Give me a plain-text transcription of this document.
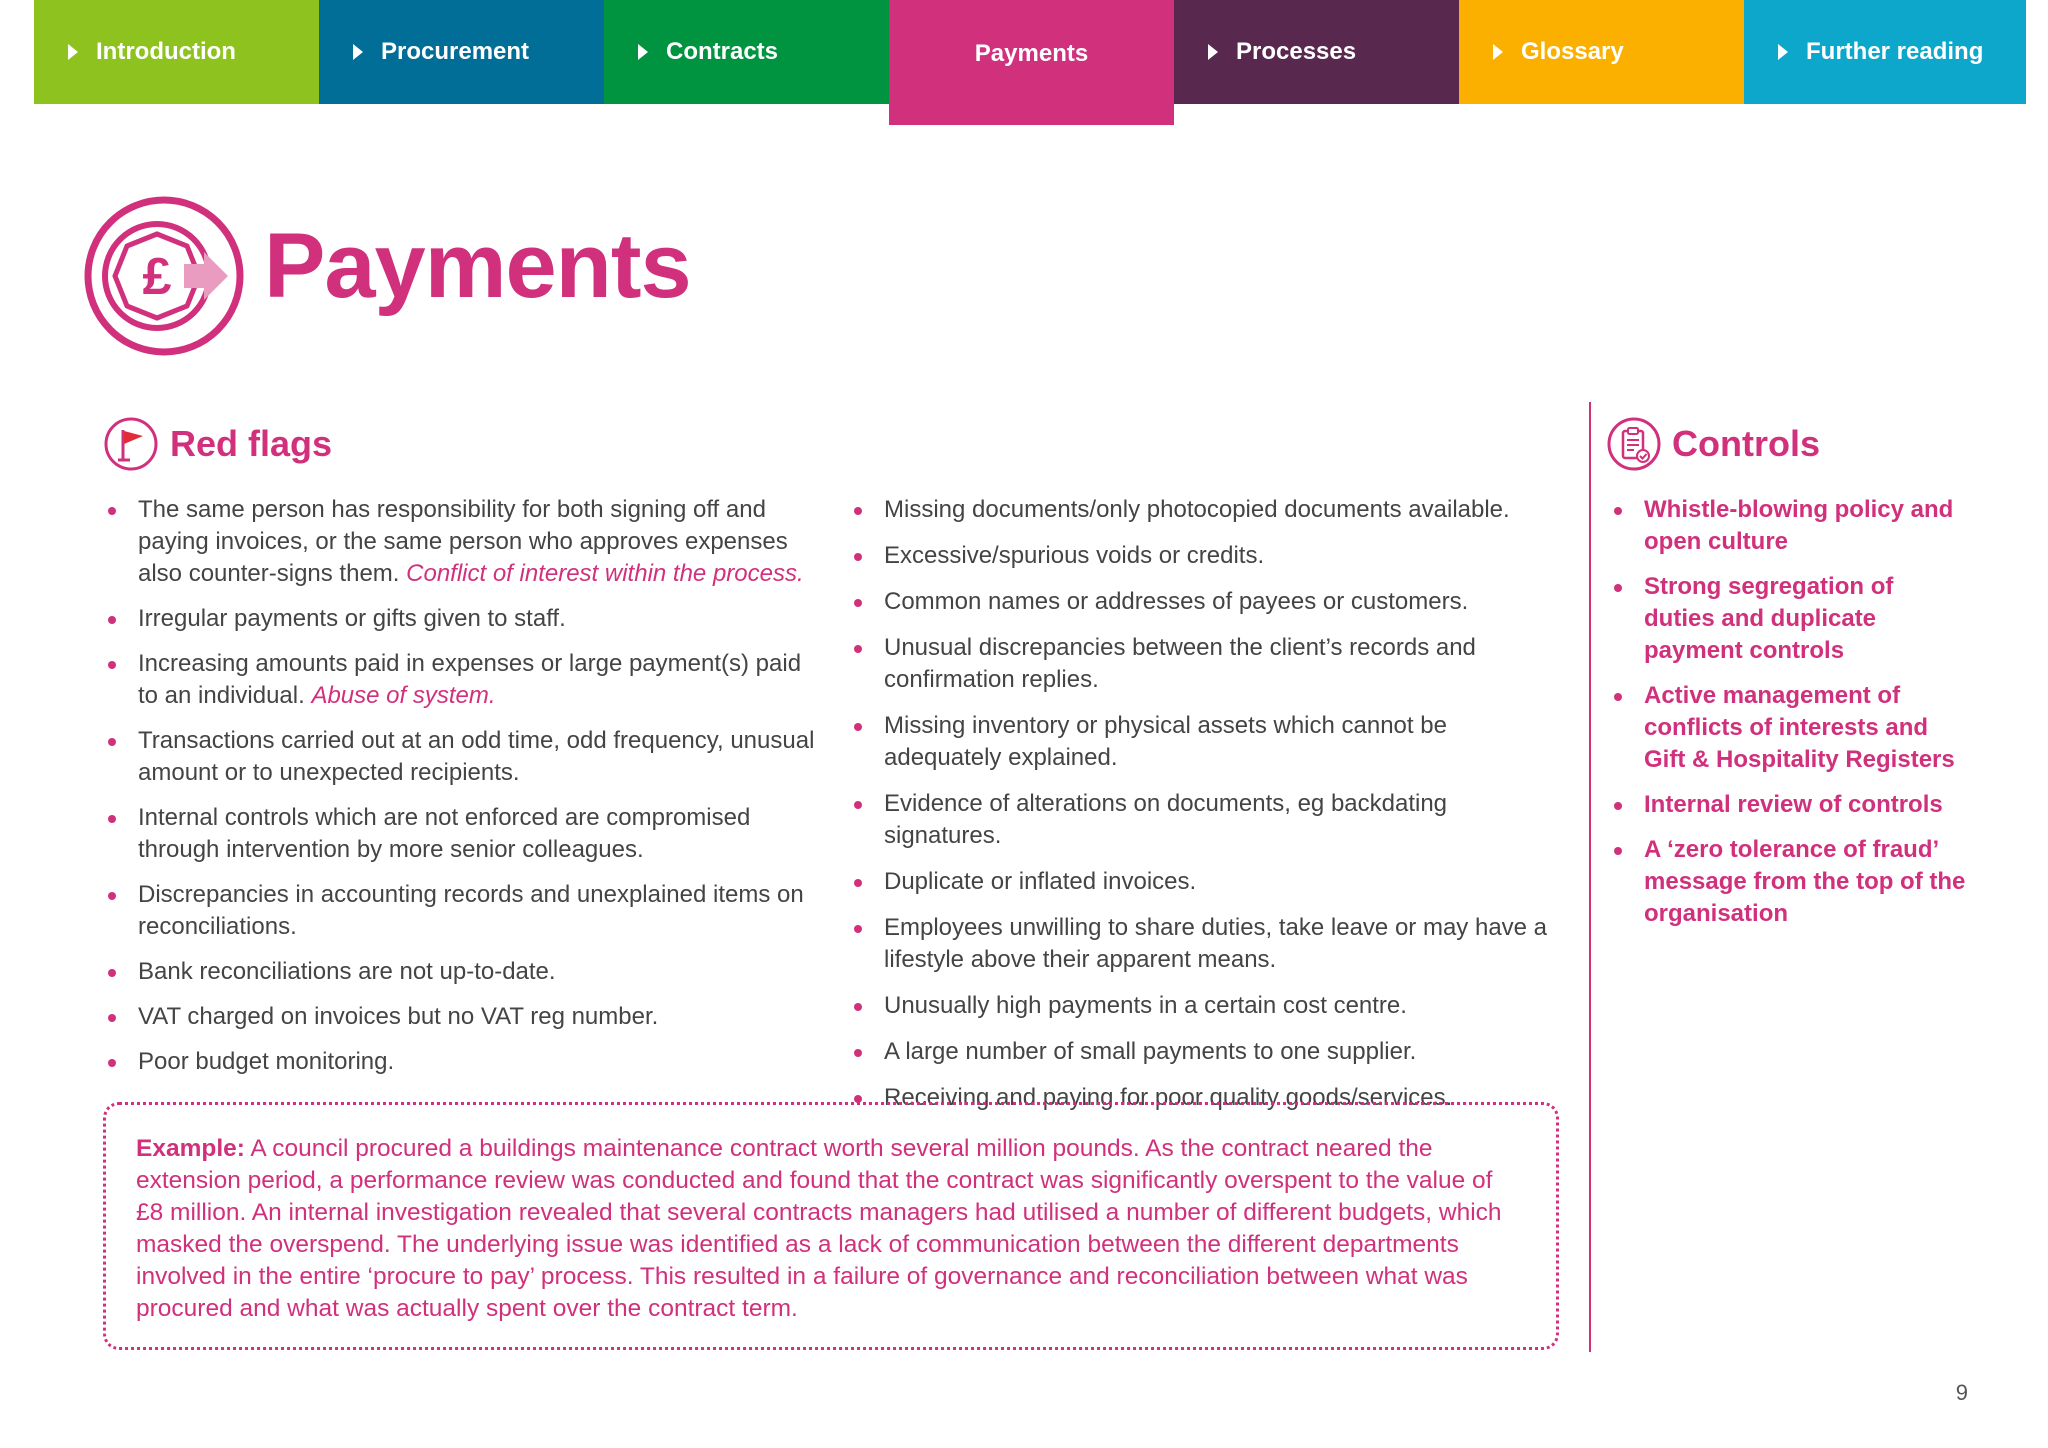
Introduction	Procurement	Contracts	Payments	Processes	Glossary	Further reading
£ Payments
Red flags
The same person has responsibility for both signing off and paying invoices, or the same person who approves expenses also counter-signs them. Conflict of interest within the process.
Irregular payments or gifts given to staff.
Increasing amounts paid in expenses or large payment(s) paid to an individual. Abuse of system.
Transactions carried out at an odd time, odd frequency, unusual amount or to unexpected recipients.
Internal controls which are not enforced are compromised through intervention by more senior colleagues.
Discrepancies in accounting records and unexplained items on reconciliations.
Bank reconciliations are not up-to-date.
VAT charged on invoices but no VAT reg number.
Poor budget monitoring.
Missing documents/only photocopied documents available.
Excessive/spurious voids or credits.
Common names or addresses of payees or customers.
Unusual discrepancies between the client’s records and confirmation replies.
Missing inventory or physical assets which cannot be adequately explained.
Evidence of alterations on documents, eg backdating signatures.
Duplicate or inflated invoices.
Employees unwilling to share duties, take leave or may have a lifestyle above their apparent means.
Unusually high payments in a certain cost centre.
A large number of small payments to one supplier.
Receiving and paying for poor quality goods/services.
Controls
Whistle-blowing policy and open culture
Strong segregation of duties and duplicate payment controls
Active management of conflicts of interests and Gift & Hospitality Registers
Internal review of controls
A ‘zero tolerance of fraud’ message from the top of the organisation
Example: A council procured a buildings maintenance contract worth several million pounds. As the contract neared the extension period, a performance review was conducted and found that the contract was significantly overspent to the value of £8 million. An internal investigation revealed that several contracts managers had utilised a number of different budgets, which masked the overspend. The underlying issue was identified as a lack of communication between the different departments involved in the entire ‘procure to pay’ process. This resulted in a failure of governance and reconciliation between what was procured and what was actually spent over the contract term.
9
